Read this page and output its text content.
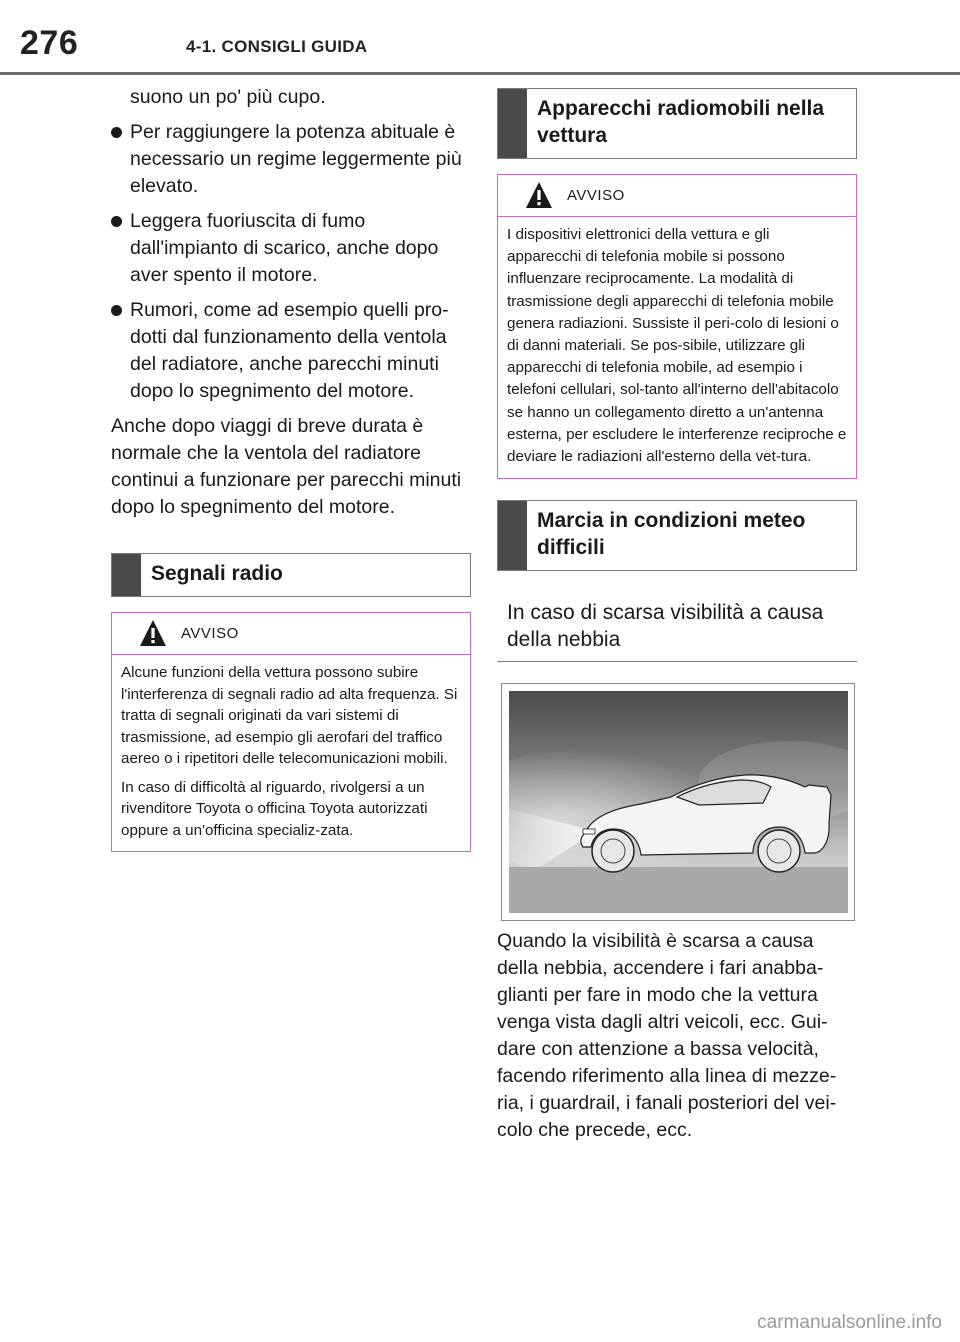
276	4-1. CONSIGLI GUIDA
suono un po' più cupo.
Per raggiungere la potenza abituale è necessario un regime leggermente più elevato.
Leggera fuoriuscita di fumo dall'impianto di scarico, anche dopo aver spento il motore.
Rumori, come ad esempio quelli pro-dotti dal funzionamento della ventola del radiatore, anche parecchi minuti dopo lo spegnimento del motore.
Anche dopo viaggi di breve durata è normale che la ventola del radiatore continui a funzionare per parecchi minuti dopo lo spegnimento del motore.
Segnali radio
AVVISO

Alcune funzioni della vettura possono subire l'interferenza di segnali radio ad alta frequenza. Si tratta di segnali originati da vari sistemi di trasmissione, ad esempio gli aerofari del traffico aereo o i ripetitori delle telecomunicazioni mobili.

In caso di difficoltà al riguardo, rivolgersi a un rivenditore Toyota o officina Toyota autorizzati oppure a un'officina specializ-zata.

Apparecchi radiomobili nella vettura
AVVISO

I dispositivi elettronici della vettura e gli apparecchi di telefonia mobile si possono influenzare reciprocamente. La modalità di trasmissione degli apparecchi di telefonia mobile genera radiazioni. Sussiste il peri-colo di lesioni o di danni materiali. Se pos-sibile, utilizzare gli apparecchi di telefonia mobile, ad esempio i telefoni cellulari, sol-tanto all'interno dell'abitacolo se hanno un collegamento diretto a un'antenna esterna, per escludere le interferenze reciproche e deviare le radiazioni all'esterno della vet-tura.

Marcia in condizioni meteo difficili
In caso di scarsa visibilità a causa della nebbia
Quando la visibilità è scarsa a causa della nebbia, accendere i fari anabba-glianti per fare in modo che la vettura venga vista dagli altri veicoli, ecc. Gui-dare con attenzione a bassa velocità, facendo riferimento alla linea di mezze-ria, i guardrail, i fanali posteriori del vei-colo che precede, ecc.
carmanualsonline.info
